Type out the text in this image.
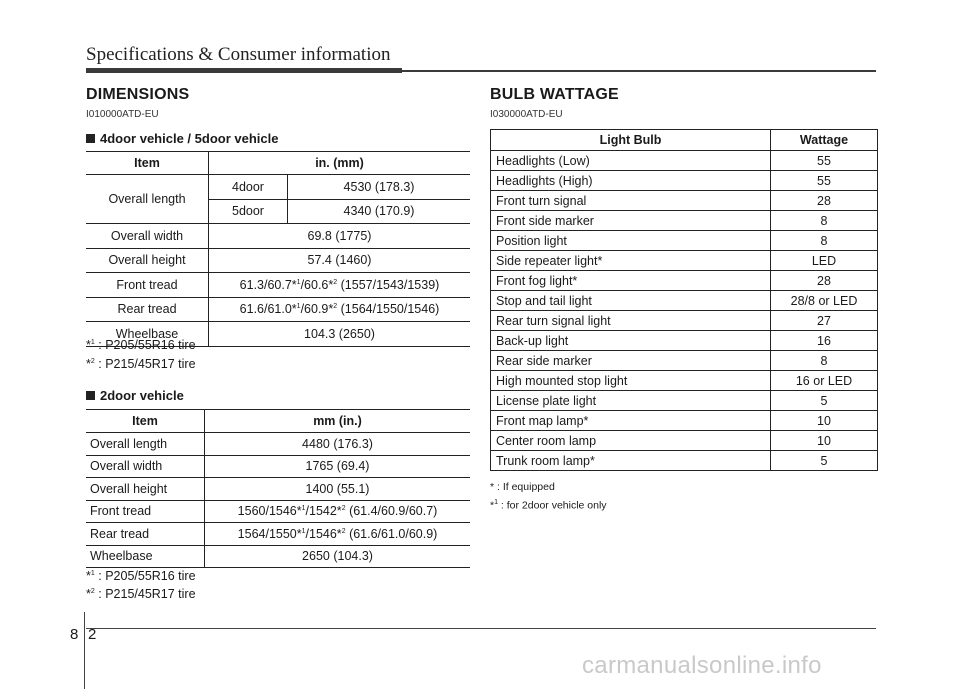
Specifications & Consumer information
DIMENSIONS
I010000ATD-EU
4door vehicle / 5door vehicle
Item	in. (mm)	
Overall length	4door	4530 (178.3)
	5door	4340 (170.9)
Overall width	69.8 (1775)	
Overall height	57.4 (1460)	
Front tread	61.3/60.7*$^1$/60.6*$^2$ (1557/1543/1539)	
Rear tread	61.6/61.0*$^1$/60.9*$^2$ (1564/1550/1546)	
Wheelbase	104.3 (2650)	
*$^1$ : P205/55R16 tire
*$^2$ : P215/45R17 tire
2door vehicle
Item	mm (in.)
Overall length	4480 (176.3)
Overall width	1765 (69.4)
Overall height	1400 (55.1)
Front tread	1560/1546*$^1$/1542*$^2$ (61.4/60.9/60.7)
Rear tread	1564/1550*$^1$/1546*$^2$ (61.6/61.0/60.9)
Wheelbase	2650 (104.3)
*$^1$ : P205/55R16 tire
*$^2$ : P215/45R17 tire
BULB WATTAGE
I030000ATD-EU
Light Bulb	Wattage
Headlights (Low)	55
Headlights (High)	55
Front turn signal	28
Front side marker	8
Position light	8
Side repeater light*	LED
Front fog light*	28
Stop and tail light	28/8 or LED
Rear turn signal light	27
Back-up light	16
Rear side marker	8
High mounted stop light	16 or LED
License plate light	5
Front map lamp*	10
Center room lamp	10
Trunk room lamp*	5
* : If equipped
*$^1$ : for 2door vehicle only
8 2
carmanualsonline.info
